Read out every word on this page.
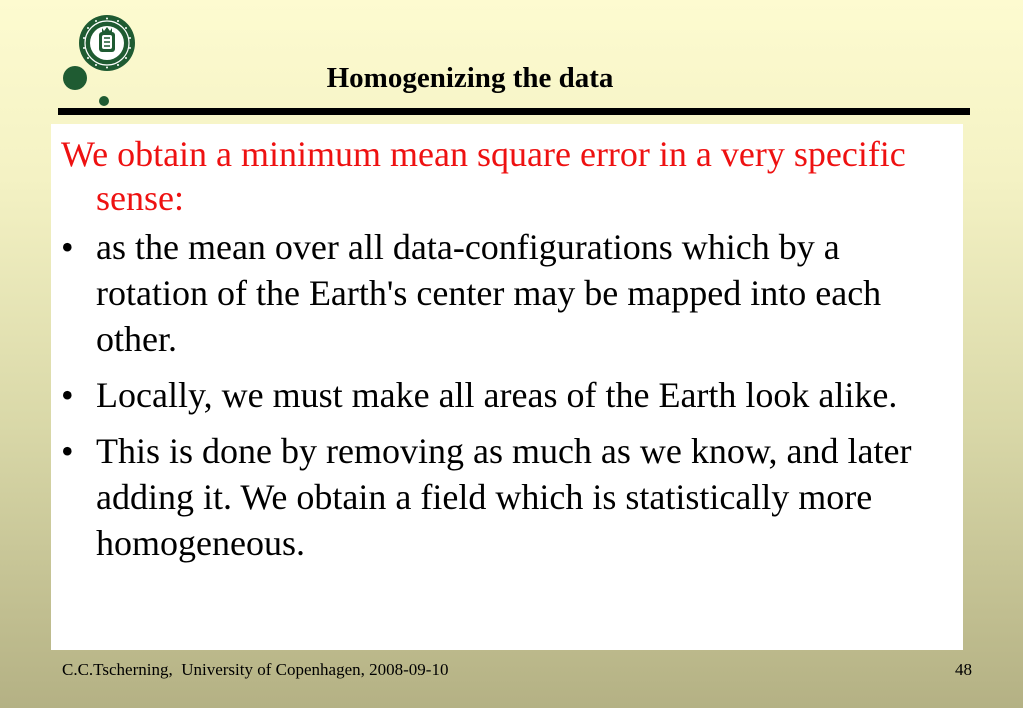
Homogenizing the data

We obtain a minimum mean square error in a very specific sense:

• as the mean over all data-configurations which by a rotation of the Earth's center may be mapped into each other.
• Locally, we must make all areas of the Earth look alike.
• This is done by removing as much as we know, and later adding it. We obtain a field which is statistically more homogeneous.
C.C.Tscherning,  University of Copenhagen, 2008-09-10	48
